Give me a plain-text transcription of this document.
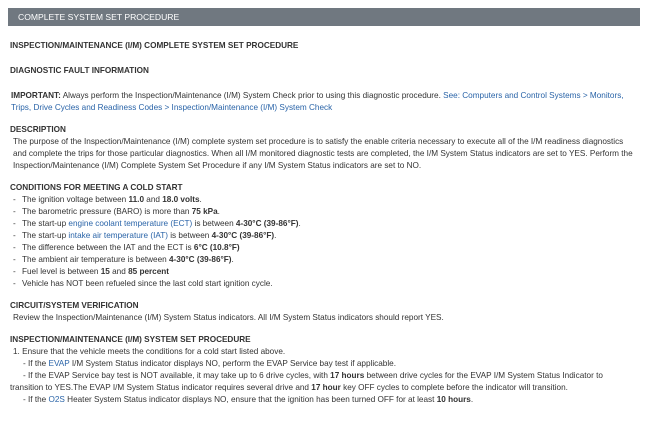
COMPLETE SYSTEM SET PROCEDURE

INSPECTION/MAINTENANCE (I/M) COMPLETE SYSTEM SET PROCEDURE

DIAGNOSTIC FAULT INFORMATION

IMPORTANT: Always perform the Inspection/Maintenance (I/M) System Check prior to using this diagnostic procedure. See: Computers and Control Systems > Monitors, Trips, Drive Cycles and Readiness Codes > Inspection/Maintenance (I/M) System Check

DESCRIPTION

The purpose of the Inspection/Maintenance (I/M) complete system set procedure is to satisfy the enable criteria necessary to execute all of the I/M readiness diagnostics and complete the trips for those particular diagnostics. When all I/M monitored diagnostic tests are completed, the I/M System Status indicators are set to YES. Perform the Inspection/Maintenance (I/M) Complete System Set Procedure if any I/M System Status indicators are set to NO.

CONDITIONS FOR MEETING A COLD START

- The ignition voltage between 11.0 and 18.0 volts.
- The barometric pressure (BARO) is more than 75 kPa.
- The start-up engine coolant temperature (ECT) is between 4-30°C (39-86°F).
- The start-up intake air temperature (IAT) is between 4-30°C (39-86°F).
- The difference between the IAT and the ECT is 6°C (10.8°F)
- The ambient air temperature is between 4-30°C (39-86°F).
- Fuel level is between 15 and 85 percent
- Vehicle has NOT been refueled since the last cold start ignition cycle.

CIRCUIT/SYSTEM VERIFICATION

Review the Inspection/Maintenance (I/M) System Status indicators. All I/M System Status indicators should report YES.

INSPECTION/MAINTENANCE (I/M) SYSTEM SET PROCEDURE

1. Ensure that the vehicle meets the conditions for a cold start listed above.
- If the EVAP I/M System Status indicator displays NO, perform the EVAP Service bay test if applicable.
- If the EVAP Service bay test is NOT available, it may take up to 6 drive cycles, with 17 hours between drive cycles for the EVAP I/M System Status Indicator to
transition to YES.The EVAP I/M System Status indicator requires several drive and 17 hour key OFF cycles to complete before the indicator will transition.
- If the O2S Heater System Status indicator displays NO, ensure that the ignition has been turned OFF for at least 10 hours.
